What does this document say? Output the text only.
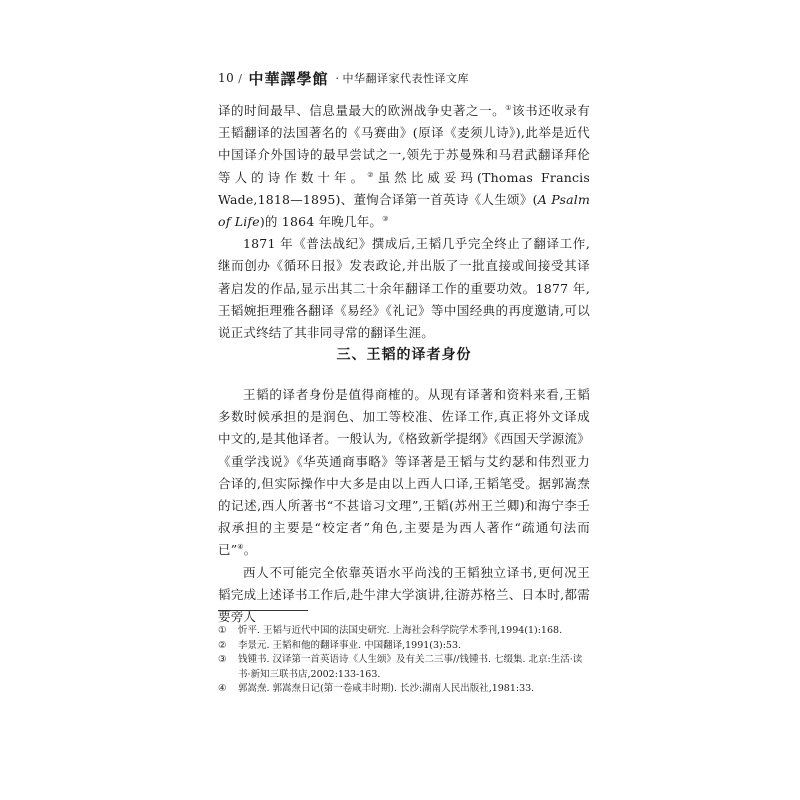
10 / 中華譯學館 · 中华翻译家代表性译文库

译的时间最早、信息量最大的欧洲战争史著之一。①该书还收录有王韬翻译的法国著名的《马赛曲》(原译《麦须儿诗》),此举是近代中国译介外国诗的最早尝试之一,领先于苏曼殊和马君武翻译拜伦等人的诗作数十年。②虽然比威妥玛(Thomas Francis Wade,1818—1895)、董恂合译第一首英诗《人生颂》(A Psalm of Life)的 1864 年晚几年。③

1871 年《普法战纪》撰成后,王韬几乎完全终止了翻译工作,继而创办《循环日报》发表政论,并出版了一批直接或间接受其译著启发的作品,显示出其二十余年翻译工作的重要功效。1877 年,王韬婉拒理雅各翻译《易经》《礼记》等中国经典的再度邀请,可以说正式终结了其非同寻常的翻译生涯。

三、王韬的译者身份

王韬的译者身份是值得商榷的。从现有译著和资料来看,王韬多数时候承担的是润色、加工等校准、佐译工作,真正将外文译成中文的,是其他译者。一般认为,《格致新学提纲》《西国天学源流》《重学浅说》《华英通商事略》等译著是王韬与艾约瑟和伟烈亚力合译的,但实际操作中大多是由以上西人口译,王韬笔受。据郭嵩焘的记述,西人所著书“不甚谙习文理”,王韬(苏州王兰卿)和海宁李壬叔承担的主要是“校定者”角色,主要是为西人著作“疏通句法而已”④。

西人不可能完全依靠英语水平尚浅的王韬独立译书,更何况王韬完成上述译书工作后,赴牛津大学演讲,往游苏格兰、日本时,都需要旁人

①	忻平. 王韬与近代中国的法国史研究. 上海社会科学院学术季刊,1994(1):168.
②	李景元. 王韬和他的翻译事业. 中国翻译,1991(3):53.
③	钱锺书. 汉译第一首英语诗《人生颂》及有关二三事//钱锺书. 七缀集. 北京:生活·读书·新知三联书店,2002:133-163.
④	郭嵩焘. 郭嵩焘日记(第一卷咸丰时期). 长沙:湖南人民出版社,1981:33.
